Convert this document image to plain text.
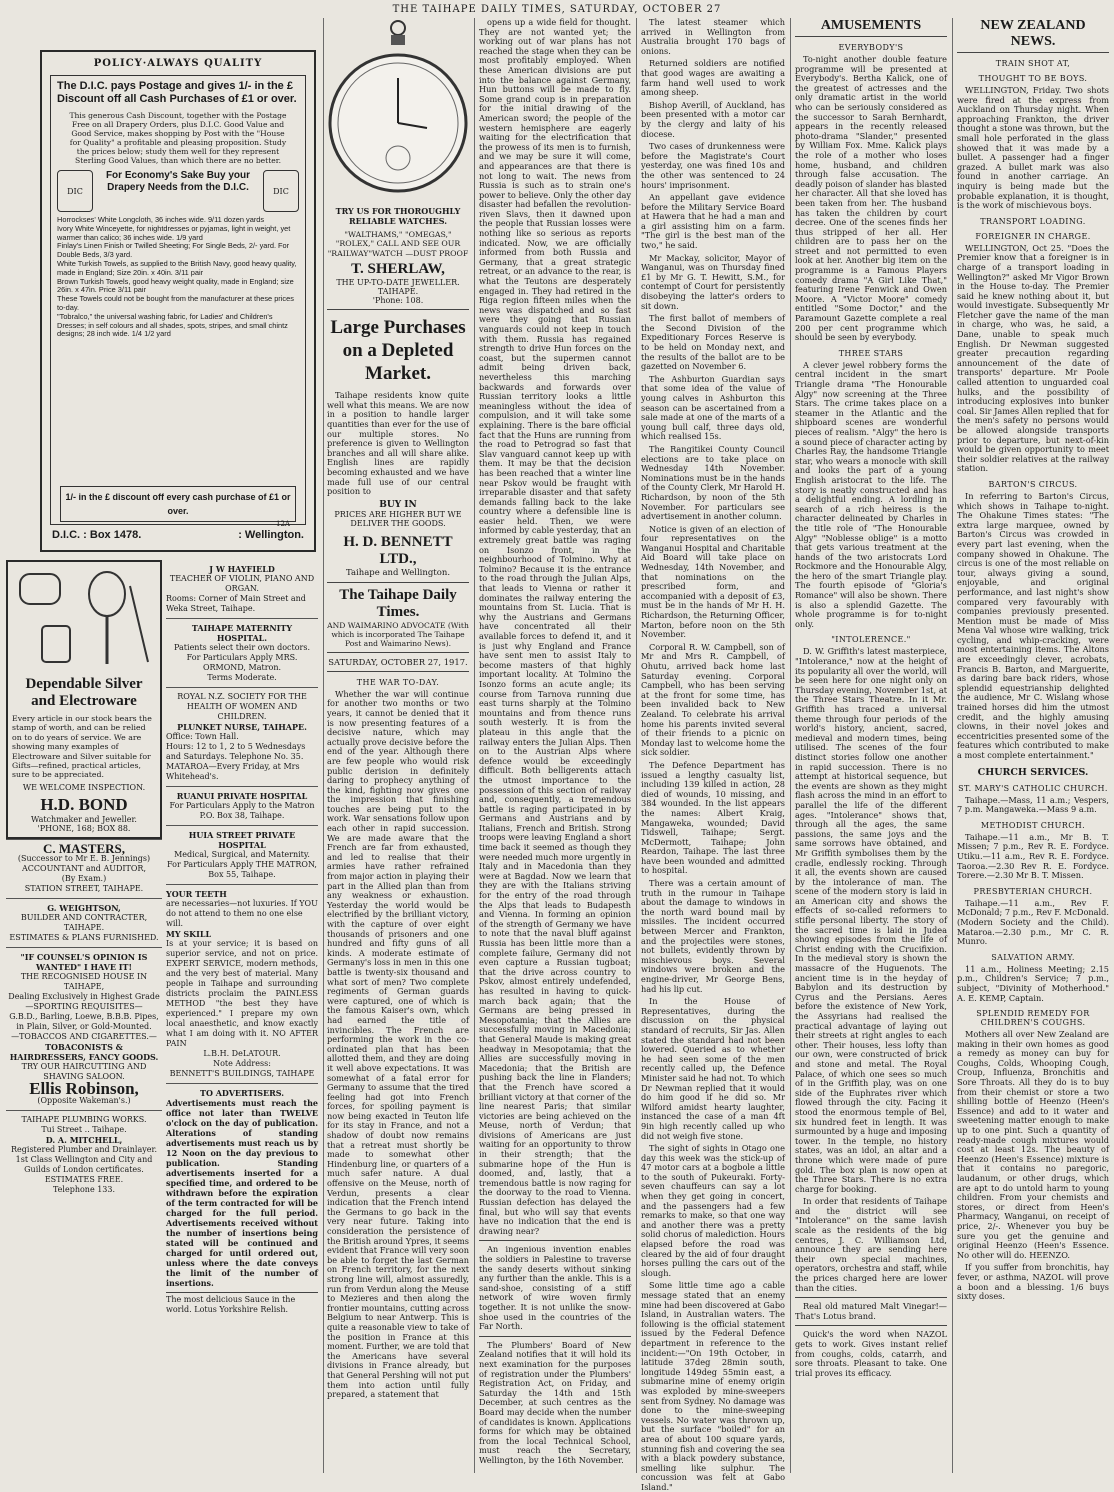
THE TAIHAPE DAILY TIMES, SATURDAY, OCTOBER 27
POLICY·ALWAYS QUALITY
The D.I.C. pays Postage and gives 1/- in the £ Discount off all Cash Purchases of £1 or over.
This generous Cash Discount, together with the Postage Free on all Drapery Orders, plus D.I.C. Good Value and Good Service, makes shopping by Post with the "House for Quality" a profitable and pleasing proposition. Study the prices below; study them well for they represent Sterling Good Values, than which there are no better.
DIC
For Economy's Sake Buy your Drapery Needs from the D.I.C.	DIC
Horrockses' White Longcloth, 36 inches wide. 9/11 dozen yards
Ivory White Winceyette, for nightdresses or pyjamas, light in weight, yet warmer than calico; 36 inches wide. 1/9 yard
Finlay's Linen Finish or Twilled Sheeting; For Single Beds, 2/- yard. For Double Beds, 3/3 yard.
White Turkish Towels, as supplied to the British Navy, good heavy quality, made in England; Size 20in. x 40in. 3/11 pair
Brown Turkish Towels, good heavy weight quality, made in England; size 26in. x 47in. Price 3/11 pair
These Towels could not be bought from the manufacturer at these prices to-day.
"Tobralco," the universal washing fabric, for Ladies' and Children's Dresses; in self colours and all shades, spots, stripes, and small chintz designs; 28 inch wide. 1/4 1/2 yard
D.I.C. : Box 1478.	: Wellington.
1/- in the £ discount off every cash purchase of £1 or over.
12A
Dependable Silver and Electroware
Every article in our stock bears the stamp of worth, and can be relied on to do years of service. We are showing many examples of Electroware and Silver suitable for Gifts—refined, practical articles, sure to be appreciated.
WE WELCOME INSPECTION.
H.D. BOND
Watchmaker and Jeweller.
'PHONE, 168; BOX 88.
C. MASTERS,
(Successor to Mr E. B. Jennings)
ACCOUNTANT and AUDITOR,
(By Exam.)
STATION STREET, TAIHAPE.
G. WEIGHTSON,
BUILDER AND CONTRACTER, TAIHAPE.
ESTIMATES & PLANS FURNISHED.
"IF COUNSEL'S OPINION IS WANTED" I HAVE IT!
THE RECOGNISED HOUSE IN TAIHAPE,
Dealing Exclusively in Highest Grade
—SPORTING REQUISITES—
G.B.D., Barling, Loewe, B.B.B. Pipes, in Plain, Silver, or Gold-Mounted.
—TOBACCOS AND CIGARETTES.—
TOBACONISTS & HAIRDRESSERS, FANCY GOODS.
TRY OUR HAIRCUTTING AND SHAVING SALOON.
Ellis Robinson,
(Opposite Wakeman's.)
TAIHAPE PLUMBING WORKS.
Tui Street .. Taihape.
D. A. MITCHELL,
Registered Plumber and Drainlayer.
1st Class Wellington and City and Guilds of London certificates.
ESTIMATES FREE.
Telephone 133.
J W HAYFIELD
TEACHER OF VIOLIN, PIANO AND ORGAN.
Rooms: Corner of Main Street and Weka Street, Taihape.
TAIHAPE MATERNITY HOSPITAL.
Patients select their own doctors.
For Particulars Apply MRS. ORMOND, Matron.
Terms Moderate.
ROYAL N.Z. SOCIETY FOR THE HEALTH OF WOMEN AND CHILDREN.
PLUNKET NURSE, TAIHAPE.
Office: Town Hall.
Hours: 12 to 1, 2 to 5 Wednesdays and Saturdays. Telephone No. 35.
MATAROA—Every Friday, at Mrs Whitehead's.
RUANUI PRIVATE HOSPITAL
For Particulars Apply to the Matron P.O. Box 38, Taihape.
HUIA STREET PRIVATE HOSPITAL
Medical, Surgical, and Maternity.
For Particulars Apply THE MATRON, Box 55, Taihape.
YOUR TEETH
are necessaries—not luxuries. If YOU do not attend to them no one else will.
MY SKILL
Is at your service; it is based on superior service, and not on price. EXPERT SERVICE, modern methods, and the very best of material. Many people in Taihape and surrounding districts proclaim the PAINLESS METHOD "the best they have experienced." I prepare my own local anaesthetic, and know exactly what I am doing with it. NO AFTER PAIN
L.B.H. DeLATOUR.
Note Address:
BENNETT'S BUILDINGS, TAIHAPE
TO ADVERTISERS.
Advertisements must reach the office not later than TWELVE o'clock on the day of publication. Alterations of standing advertisements must reach us by 12 Noon on the day previous to publication. Standing advertisements inserted for a specified time, and ordered to be withdrawn before the expiration of the term contracted for will be charged for the full period. Advertisements received without the number of insertions being stated will be continued and charged for until ordered out, unless where the date conveys the limit of the number of insertions.
The most delicious Sauce in the world. Lotus Yorkshire Relish.
TRY US FOR THOROUGHLY RELIABLE WATCHES.
"WALTHAMS," "OMEGAS," "ROLEX," CALL AND SEE OUR "RAILWAY"WATCH —DUST PROOF
T. SHERLAW,
THE UP-TO-DATE JEWELLER.
TAIHAPE.
'Phone: 108.
Large Purchases on a Depleted Market.

Taihape residents know quite well what this means. We are now in a position to handle larger quantities than ever for the use of our multiple stores. No preference is given to Wellington branches and all will share alike. English lines are rapidly becoming exhausted and we have made full use of our central position to

BUY IN
PRICES ARE HIGHER BUT WE DELIVER THE GOODS.
H. D. BENNETT LTD.,
Taihape and Wellington.
The Taihape Daily Times.
AND WAIMARINO ADVOCATE (With which is incorporated The Taihape Post and Waimarino News).
SATURDAY, OCTOBER 27, 1917.
THE WAR TO-DAY.

Whether the war will continue for another two months or two years, it cannot be denied that it is now presenting features of a decisive nature, which may actually prove decisive before the end of the year. Although there are few people who would risk public derision in definitely daring to prophecy anything of the kind, fighting now gives one the impression that finishing touches are being put to the work. War sensations follow upon each other in rapid succession. We are made aware that the French are far from exhausted, and led to realise that their armies have rather refrained from major action in playing their part in the Allied plan than from any weakness or exhaustion. Yesterday the world would be electrified by the brilliant victory, with the capture of over eight thousands of prisoners and one hundred and fifty guns of all kinds. A moderate estimate of Germany's loss in men in this one battle is twenty-six thousand and what sort of men? Two complete regiments of German guards were captured, one of which is the famous Kaiser's own, which had earned the title of invincibles. The French are performing the work in the co-ordinated plan that has been allotted them, and they are doing it well above expectations. It was somewhat of a fatal error for Germany to assume that the tired feeling had got into French forces, for spoiling payment is now being exacted in Teuton life for its stay in France, and not a shadow of doubt now remains that a retreat must shortly be made to somewhat other Hindenburg line, or quarters of a much safer nature. A dual offensive on the Meuse, north of Verdun, presents a clear indication that the French intend the Germans to go back in the very near future. Taking into consideration the persistence of the British around Ypres, it seems evident that France will very soon be able to forget the last German on French territory, for the next strong line will, almost assuredly, run from Verdun along the Meuse to Mezieres and then along the frontier mountains, cutting across Belgium to near Antwerp. This is quite a reasonable view to take of the position in France at this moment. Further, we are told that the Americans have several divisions in France already, but that General Pershing will not put them into action until fully prepared, a statement that

opens up a wide field for thought. They are not wanted yet; the working out of war plans has not reached the stage when they can be most profitably employed. When these American divisions are put into the balance against Germany, Hun buttons will be made to fly. Some grand coup is in preparation for the initial drawing of the American sword; the people of the western hemisphere are eagerly waiting for the electrification that the prowess of its men is to furnish, and we may be sure it will come, and appearances are that there is not long to wait. The news from Russia is such as to strain one's power to believe. Only the other day disaster had befallen the revolution-riven Slavs, then it dawned upon the people that Russian losses were nothing like so serious as reports indicated. Now, we are officially informed from both Russia and Germany, that a great strategic retreat, or an advance to the rear, is what the Teutons are desperately engaged in. They had retired in the Riga region fifteen miles when the news was dispatched and so fast were they going that Russian vanguards could not keep in touch with them. Russia has regained strength to drive Hun forces on the coast, but the supermen cannot admit being driven back, nevertheless this marching backwards and forwards over Russian territory looks a little meaningless without the idea of compulsion, and it will take some explaining. There is the bare official fact that the Huns are running from the road to Petrograd so fast that Slav vanguard cannot keep up with them. It may be that the decision has been reached that a winter line near Pskov would be fraught with irreparable disaster and that safety demands falling back to the lake country where a defensible line is easier held. Then, we were informed by cable yesterday, that an extremely great battle was raging on Isonzo front, in the neighbourhood of Tolmino. Why at Tolmino? Because it is the entrance to the road through the Julian Alps, that leads to Vienna or rather it dominates the railway entering the mountains from St. Lucia. That is why the Austrians and Germans have concentrated all their available forces to defend it, and it is just why England and France have sent men to assist Italy to become masters of that highly important locality. At Tolmino the Isonzo forms an acute angle; its course from Tarnova running due east turns sharply at the Tolmino mountains and from thence runs south westerly. It is from the plateau in this angle that the railway enters the Julian Alps. Then on to the Austrian Alps where defence would be exceedingly difficult. Both belligerents attach the utmost importance to the possession of this section of railway and, consequently, a tremendous battle is raging participated in by Germans and Austrians and by Italians, French and British. Strong troops were leaving England a short time back it seemed as though they were needed much more urgently in Italy and in Macedonia than they were at Bagdad. Now we learn that they are with the Italians striving for the entry of the road through the Alps that leads to Budapesth and Vienna. In forming an opinion of the strength of Germany we have to note that the naval bluff against Russia has been little more than a complete failure, Germany did not even capture a Russian tugboat; that the drive across country to Pskov, almost entirely undefended, has resulted in having to quick-march back again; that the Germans are being pressed in Mesopotamia; that the Allies are successfully moving in Macedonia; that General Maude is making great headway in Mesopotamia; that the Allies are successfully moving in Macedonia; that the British are pushing back the line in Flanders; that the French have scored a brilliant victory at that corner of the line nearest Paris; that similar victories are being achieved on the Meuse, north of Verdun; that divisions of Americans are just waiting for an opportunity to throw in their strength; that the submarine hope of the Hun is doomed, and, lastly, that a tremendous battle is now raging for the doorway to the road to Vienna. Russian defection has delayed the final, but who will say that events have no indication that the end is drawing near?

An ingenious invention enables the soldiers in Palestine to traverse the sandy deserts without sinking any further than the ankle. This is a sand-shoe, consisting of a stiff network of wire woven firmly together. It is not unlike the snow-shoe used in the countries of the Far North.

The Plumbers' Board of New Zealand notifies that it will hold its next examination for the purposes of registration under the Plumbers' Registration Act, on Friday, and Saturday the 14th and 15th December, at such centres as the Board may decide when the number of candidates is known. Applications forms for which may be obtained from the local Technical School, must reach the Secretary, Wellington, by the 16th November.

The latest steamer which arrived in Wellington from Australia brought 170 bags of onions.

Returned soldiers are notified that good wages are awaiting a farm hand well used to work among sheep.

Bishop Averill, of Auckland, has been presented with a motor car by the clergy and laity of his diocese.

Two cases of drunkenness were before the Magistrate's Court yesterday, one was fined 10s and the other was sentenced to 24 hours' imprisonment.

An appellant gave evidence before the Military Service Board at Hawera that he had a man and a girl assisting him on a farm. "The girl is the best man of the two," he said.

Mr Mackay, solicitor, Mayor of Wanganui, was on Thursday fined £1 by Mr G. T. Hewitt, S.M., for contempt of Court for persistently disobeying the latter's orders to sit down.

The first ballot of members of the Second Division of the Expeditionary Forces Reserve is to be held on Monday next, and the results of the ballot are to be gazetted on November 6.

The Ashburton Guardian says that some idea of the value of young calves in Ashburton this season can be ascertained from a sale made at one of the marts of a young bull calf, three days old, which realised 15s.

The Rangitikei County Council elections are to take place on Wednesday 14th November. Nominations must be in the hands of the County Clerk, Mr Harold H. Richardson, by noon of the 5th November. For particulars see advertisement in another column.

Notice is given of an election of four representatives on the Wanganui Hospital and Charitable Aid Board will take place on Wednesday, 14th November, and that nominations on the prescribed form, and accompanied with a deposit of £3, must be in the hands of Mr H. H. Richardson, the Returning Officer, Marton, before noon on the 5th November.

Corporal R. W. Campbell, son of Mr and Mrs R. Campbell, of Ohutu, arrived back home last Saturday evening. Corporal Campbell, who has been serving at the front for some time, has been invalided back to New Zealand. To celebrate his arrival home his parents invited several of their friends to a picnic on Monday last to welcome home the sick soldier.

The Defence Department has issued a lengthy casualty list, including 139 killed in action, 28 died of wounds, 10 missing, and 384 wounded. In the list appears the names: Albert Kraig, Mangaweka, wounded; David Tidswell, Taihape; Sergt. McDermott, Taihape; John Reardon, Taihape. The last three have been wounded and admitted to hospital.

There was a certain amount of truth in the rumour in Taihape about the damage to windows in the north ward bound mail by missiles. The incident occurred between Mercer and Frankton, and the projectiles were stones, not bullets, evidently thrown by mischievous boys. Several windows were broken and the engine-driver, Mr George Bens, had his lip cut.

In the House of Representatives, during the discussion on the physical standard of recruits, Sir Jas. Allen stated the standard had not been lowered. Queried as to whether he had seen some of the men recently called up, the Defence Minister said he had not. To which Dr Newman replied that it would do him good if he did so. Mr Wilford amidst hearty laughter, instanced the case of a man 4ft 9in high recently called up who did not weigh five stone.

The sight of sights in Otago one day this week was the stick-up of 47 motor cars at a bogbole a little to the south of Pukeuraki. Forty-seven chauffeurs can say a lot when they get going in concert, and the passengers had a few remarks to make, so that one way and another there was a pretty solid chorus of malediction. Hours elapsed before the road was cleared by the aid of four draught horses pulling the cars out of the slough.

Some little time ago a cable message stated that an enemy mine had been discovered at Gabo Island, in Australian waters. The following is the official statement issued by the Federal Defence department in reference to the incident:—"On 19th October, in latitude 37deg 28min south, longitude 149deg 55min east, a submarine mine of enemy origin was exploded by mine-sweepers sent from Sydney. No damage was done to the mine-sweeping vessels. No water was thrown up, but the surface "boiled" for an area of about 100 square yards, stunning fish and covering the sea with a black powdery substance, smelling like sulphur. The concussion was felt at Gabo Island."

AMUSEMENTS
EVERYBODY'S

To-night another double feature programme will be presented at Everybody's. Bertha Kalick, one of the greatest of actresses and the only dramatic artist in the world who can be seriously considered as the successor to Sarah Bernhardt, appears in the recently released photo-drama "Slander," presented by William Fox. Mme. Kalick plays the role of a mother who loses home, husband, and children through false accusation. The deadly poison of slander has blasted her character. All that she loved has been taken from her. The husband has taken the children by court decree. One of the scenes finds her thus stripped of her all. Her children are to pass her on the street and not permitted to even look at her. Another big item on the programme is a Famous Players comedy drama "A Girl Like That," featuring Irene Fenwick and Owen Moore. A "Victor Moore" comedy entitled "Some Doctor," and the Paramount Gazette complete a real 200 per cent programme which should be seen by everybody.

THREE STARS

A clever jewel robbery forms the central incident in the smart Triangle drama "The Honourable Algy" now screening at the Three Stars. The crime takes place on a steamer in the Atlantic and the shipboard scenes are wonderful pieces of realism. "Algy" the hero is a sound piece of character acting by Charles Ray, the handsome Triangle star, who wears a monocle with skill and looks the part of a young English aristocrat to the life. The story is neatly constructed and has a delightful ending. A lordling in search of a rich heiress is the character delineated by Charles in the title role of "The Honourable Algy" "Noblesse oblige" is a motto that gets various treatment at the hands of the two aristocrats Lord Rockmore and the Honourable Algy, the hero of the smart Triangle play. The fourth episode of "Gloria's Romance" will also be shown. There is also a splendid Gazette. The whole programme is for to-night only.

"INTOLERENCE."

D. W. Griffith's latest masterpiece, "Intolerance," now at the height of its popularity all over the world, will be seen here for one night only on Thursday evening, November 1st, at the Three Stars Theatre. In it Mr. Griffith has traced a universal theme through four periods of the world's history, ancient, sacred, medieval and modern times, being utilised. The scenes of the four distinct stories follow one another in rapid succession. There is no attempt at historical sequence, but the events are shown as they might flash across the mind in an effort to parallel the life of the different ages. "Intolerance" shows that, through all the ages, the same passions, the same joys and the same sorrows have obtained, and Mr Griffith symbolises them by the cradle, endlessly rocking. Through it all, the events shown are caused by the intolerance of man. The scene of the modern story is laid in an American city and shows the effects of so-called reformers to stifle personal liberty. The story of the sacred time is laid in Judea showing episodes from the life of Christ ending with the Crucifixion. In the medieval story is shown the massacre of the Huguenots. The ancient time is in the heyday of Babylon and its destruction by Cyrus and the Persians. Aeres before the existence of New York, the Assyrians had realised the practical advantage of laying out their streets at right angles to each other. Their houses, less lofty than our own, were constructed of brick and stone and metal. The Royal Palace, of which one sees so much of in the Griffith play, was on one side of the Euphrates river which flowed through the city. Facing it stood the enormous temple of Bel, six hundred feet in length. It was surmounted by a huge and imposing tower. In the temple, no history states, was an idol, an altar and a throne which were made of pure gold. The box plan is now open at the Three Stars. There is no extra charge for booking.

In order that residents of Taihape and the district will see "Intolerance" on the same lavish scale as the residents of the big centres, J. C. Williamson Ltd, announce they are sending here their own special machines, operators, orchestra and staff, while the prices charged here are lower than the cities.

Real old matured Malt Vinegar!—That's Lotus brand.

Quick's the word when NAZOL gets to work. Gives instant relief from coughs, colds, catarrh, and sore throats. Pleasant to take. One trial proves its efficacy.

NEW ZEALAND NEWS.
TRAIN SHOT AT,
THOUGHT TO BE BOYS.

WELLINGTON, Friday. Two shots were fired at the express from Auckland on Thursday night. When approaching Frankton, the driver thought a stone was thrown, but the small hole perforated in the glass showed that it was made by a bullet. A passenger had a finger grazed. A bullet mark was also found in another carriage. An inquiry is being made but the probable explanation, it is thought, is the work of mischievous boys.

TRANSPORT LOADING.
FOREIGNER IN CHARGE.

WELLINGTON, Oct 25. "Does the Premier know that a foreigner is in charge of a transport loading in Wellington?" asked Mr Vigor Brown in the House to-day. The Premier said he knew nothing about it, but would investigate. Subsequently Mr Fletcher gave the name of the man in charge, who was, he said, a Dane, unable to speak much English. Dr Newman suggested greater precaution regarding announcement of the date of transports' departure. Mr Poole called attention to unguarded coal hulks, and the possibility of introducing explosives into bunker coal. Sir James Allen replied that for the men's safety no persons would be allowed alongside transports prior to departure, but next-of-kin would be given opportunity to meet their soldier relatives at the railway station.

BARTON'S CIRCUS.

In referring to Barton's Circus, which shows in Taihape to-night. The Ohakune Times states: "The extra large marquee, owned by Barton's Circus was crowded in every part last evening, when the company showed in Ohakune. The circus is one of the most reliable on tour, always giving a sound, enjoyable, and original performance, and last night's show compared very favourably with companies previously presented. Mention must be made of Miss Mena Val whose wire walking, trick cycling, and whip-cracking, were most entertaining items. The Altons are exceedingly clever, acrobats, Francis B. Barton, and Marguerite, as daring bare back riders, whose splendid equestrianship delighted the audience, Mr C. Wislang whose trained horses did him the utmost credit, and the highly amusing clowns, in their novel jokes and eccentricities presented some of the features which contributed to make a most complete entertainment."

CHURCH SERVICES.
ST. MARY'S CATHOLIC CHURCH.

Taihape.—Mass, 11 a.m.; Vespers, 7 p.m. Mangaweka.—Mass 9 a.m.

METHODIST CHURCH.

Taihape.—11 a.m., Mr B. T. Missen; 7 p.m., Rev R. E. Fordyce. Utiku.—11 a.m., Rev R. E. Fordyce. Taoroa.—2.30 Rev R. E. Fordyce. Torere.—2.30 Mr B. T. Missen.

PRESBYTERIAN CHURCH.

Taihape.—11 a.m., Rev F. McDonald; 7 p.m., Rev F. McDonald. (Modern Society and the Child). Mataroa.—2.30 p.m., Mr C. R. Munro.

SALVATION ARMY.

11 a.m., Holiness Meeting; 2.15 p.m., Children's Service; 7 p.m., subject, "Divinity of Motherhood." A. E. KEMP, Captain.

SPLENDID REMEDY FOR CHILDREN'S COUGHS.

Mothers all over New Zealand are making in their own homes as good a remedy as money can buy for Coughs, Colds, Whooping Cough, Croup, Influenza, Bronchitis and Sore Throats. All they do is to buy from their chemist or store a two shilling bottle of Heenzo (Heen's Essence) and add to it water and sweetening matter enough to make up to one pint. Such a quantity of ready-made cough mixtures would cost at least 12s. The beauty of Heenzo (Heen's Essence) mixture is that it contains no paregoric, laudanum, or other drugs, which are apt to do untold harm to young children. From your chemists and stores, or direct from Heen's Pharmacy, Wanganui, on receipt of price, 2/-. Whenever you buy be sure you get the genuine and original Heenzo (Heen's Essence. No other will do. HEENZO.

If you suffer from bronchitis, hay fever, or asthma, NAZOL will prove a boon and a blessing. 1/6 buys sixty doses.
